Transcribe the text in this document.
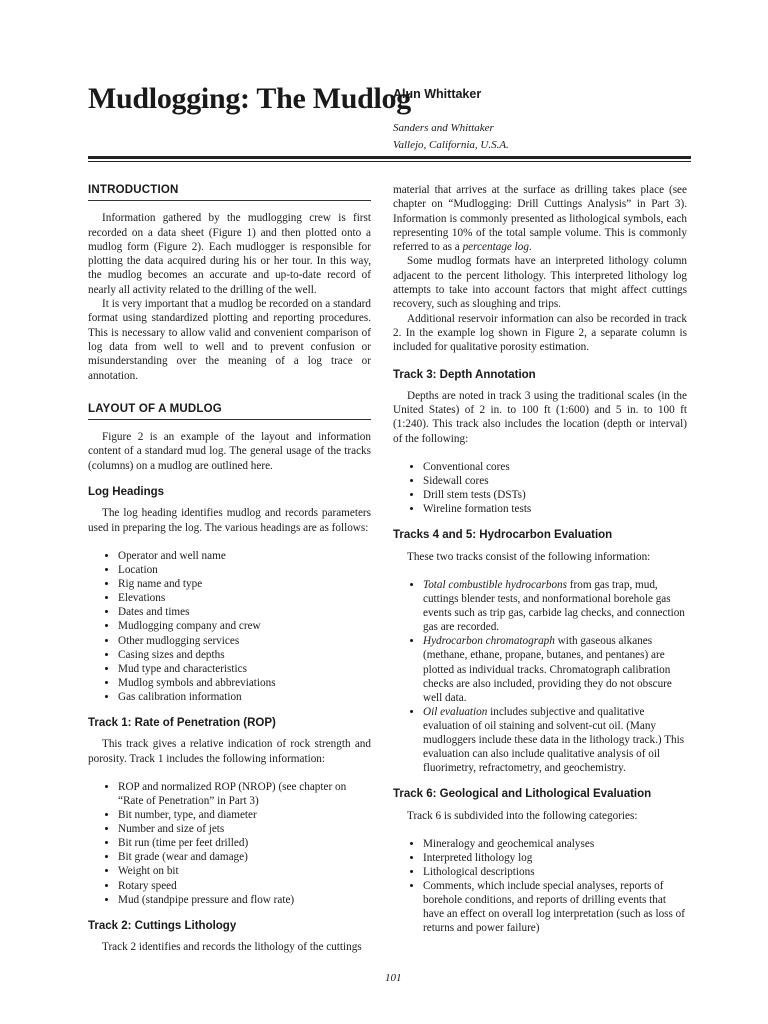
Mudlogging: The Mudlog
Alun Whittaker
Sanders and Whittaker
Vallejo, California, U.S.A.
INTRODUCTION

Information gathered by the mudlogging crew is first recorded on a data sheet (Figure 1) and then plotted onto a mudlog form (Figure 2). Each mudlogger is responsible for plotting the data acquired during his or her tour. In this way, the mudlog becomes an accurate and up-to-date record of nearly all activity related to the drilling of the well.

It is very important that a mudlog be recorded on a standard format using standardized plotting and reporting procedures. This is necessary to allow valid and convenient comparison of log data from well to well and to prevent confusion or misunderstanding over the meaning of a log trace or annotation.

LAYOUT OF A MUDLOG

Figure 2 is an example of the layout and information content of a standard mud log. The general usage of the tracks (columns) on a mudlog are outlined here.

Log Headings

The log heading identifies mudlog and records parameters used in preparing the log. The various headings are as follows:

• Operator and well name
• Location
• Rig name and type
• Elevations
• Dates and times
• Mudlogging company and crew
• Other mudlogging services
• Casing sizes and depths
• Mud type and characteristics
• Mudlog symbols and abbreviations
• Gas calibration information
Track 1: Rate of Penetration (ROP)

This track gives a relative indication of rock strength and porosity. Track 1 includes the following information:

• ROP and normalized ROP (NROP) (see chapter on “Rate of Penetration” in Part 3)
• Bit number, type, and diameter
• Number and size of jets
• Bit run (time per feet drilled)
• Bit grade (wear and damage)
• Weight on bit
• Rotary speed
• Mud (standpipe pressure and flow rate)
Track 2: Cuttings Lithology

Track 2 identifies and records the lithology of the cuttings

material that arrives at the surface as drilling takes place (see chapter on “Mudlogging: Drill Cuttings Analysis” in Part 3). Information is commonly presented as lithological symbols, each representing 10% of the total sample volume. This is commonly referred to as a percentage log.

Some mudlog formats have an interpreted lithology column adjacent to the percent lithology. This interpreted lithology log attempts to take into account factors that might affect cuttings recovery, such as sloughing and trips.

Additional reservoir information can also be recorded in track 2. In the example log shown in Figure 2, a separate column is included for qualitative porosity estimation.

Track 3: Depth Annotation

Depths are noted in track 3 using the traditional scales (in the United States) of 2 in. to 100 ft (1:600) and 5 in. to 100 ft (1:240). This track also includes the location (depth or interval) of the following:

• Conventional cores
• Sidewall cores
• Drill stem tests (DSTs)
• Wireline formation tests
Tracks 4 and 5: Hydrocarbon Evaluation

These two tracks consist of the following information:

• Total combustible hydrocarbons from gas trap, mud, cuttings blender tests, and nonformational borehole gas events such as trip gas, carbide lag checks, and connection gas are recorded.
• Hydrocarbon chromatograph with gaseous alkanes (methane, ethane, propane, butanes, and pentanes) are plotted as individual tracks. Chromatograph calibration checks are also included, providing they do not obscure well data.
• Oil evaluation includes subjective and qualitative evaluation of oil staining and solvent-cut oil. (Many mudloggers include these data in the lithology track.) This evaluation can also include qualitative analysis of oil fluorimetry, refractometry, and geochemistry.
Track 6: Geological and Lithological Evaluation

Track 6 is subdivided into the following categories:

• Mineralogy and geochemical analyses
• Interpreted lithology log
• Lithological descriptions
• Comments, which include special analyses, reports of borehole conditions, and reports of drilling events that have an effect on overall log interpretation (such as loss of returns and power failure)
101
